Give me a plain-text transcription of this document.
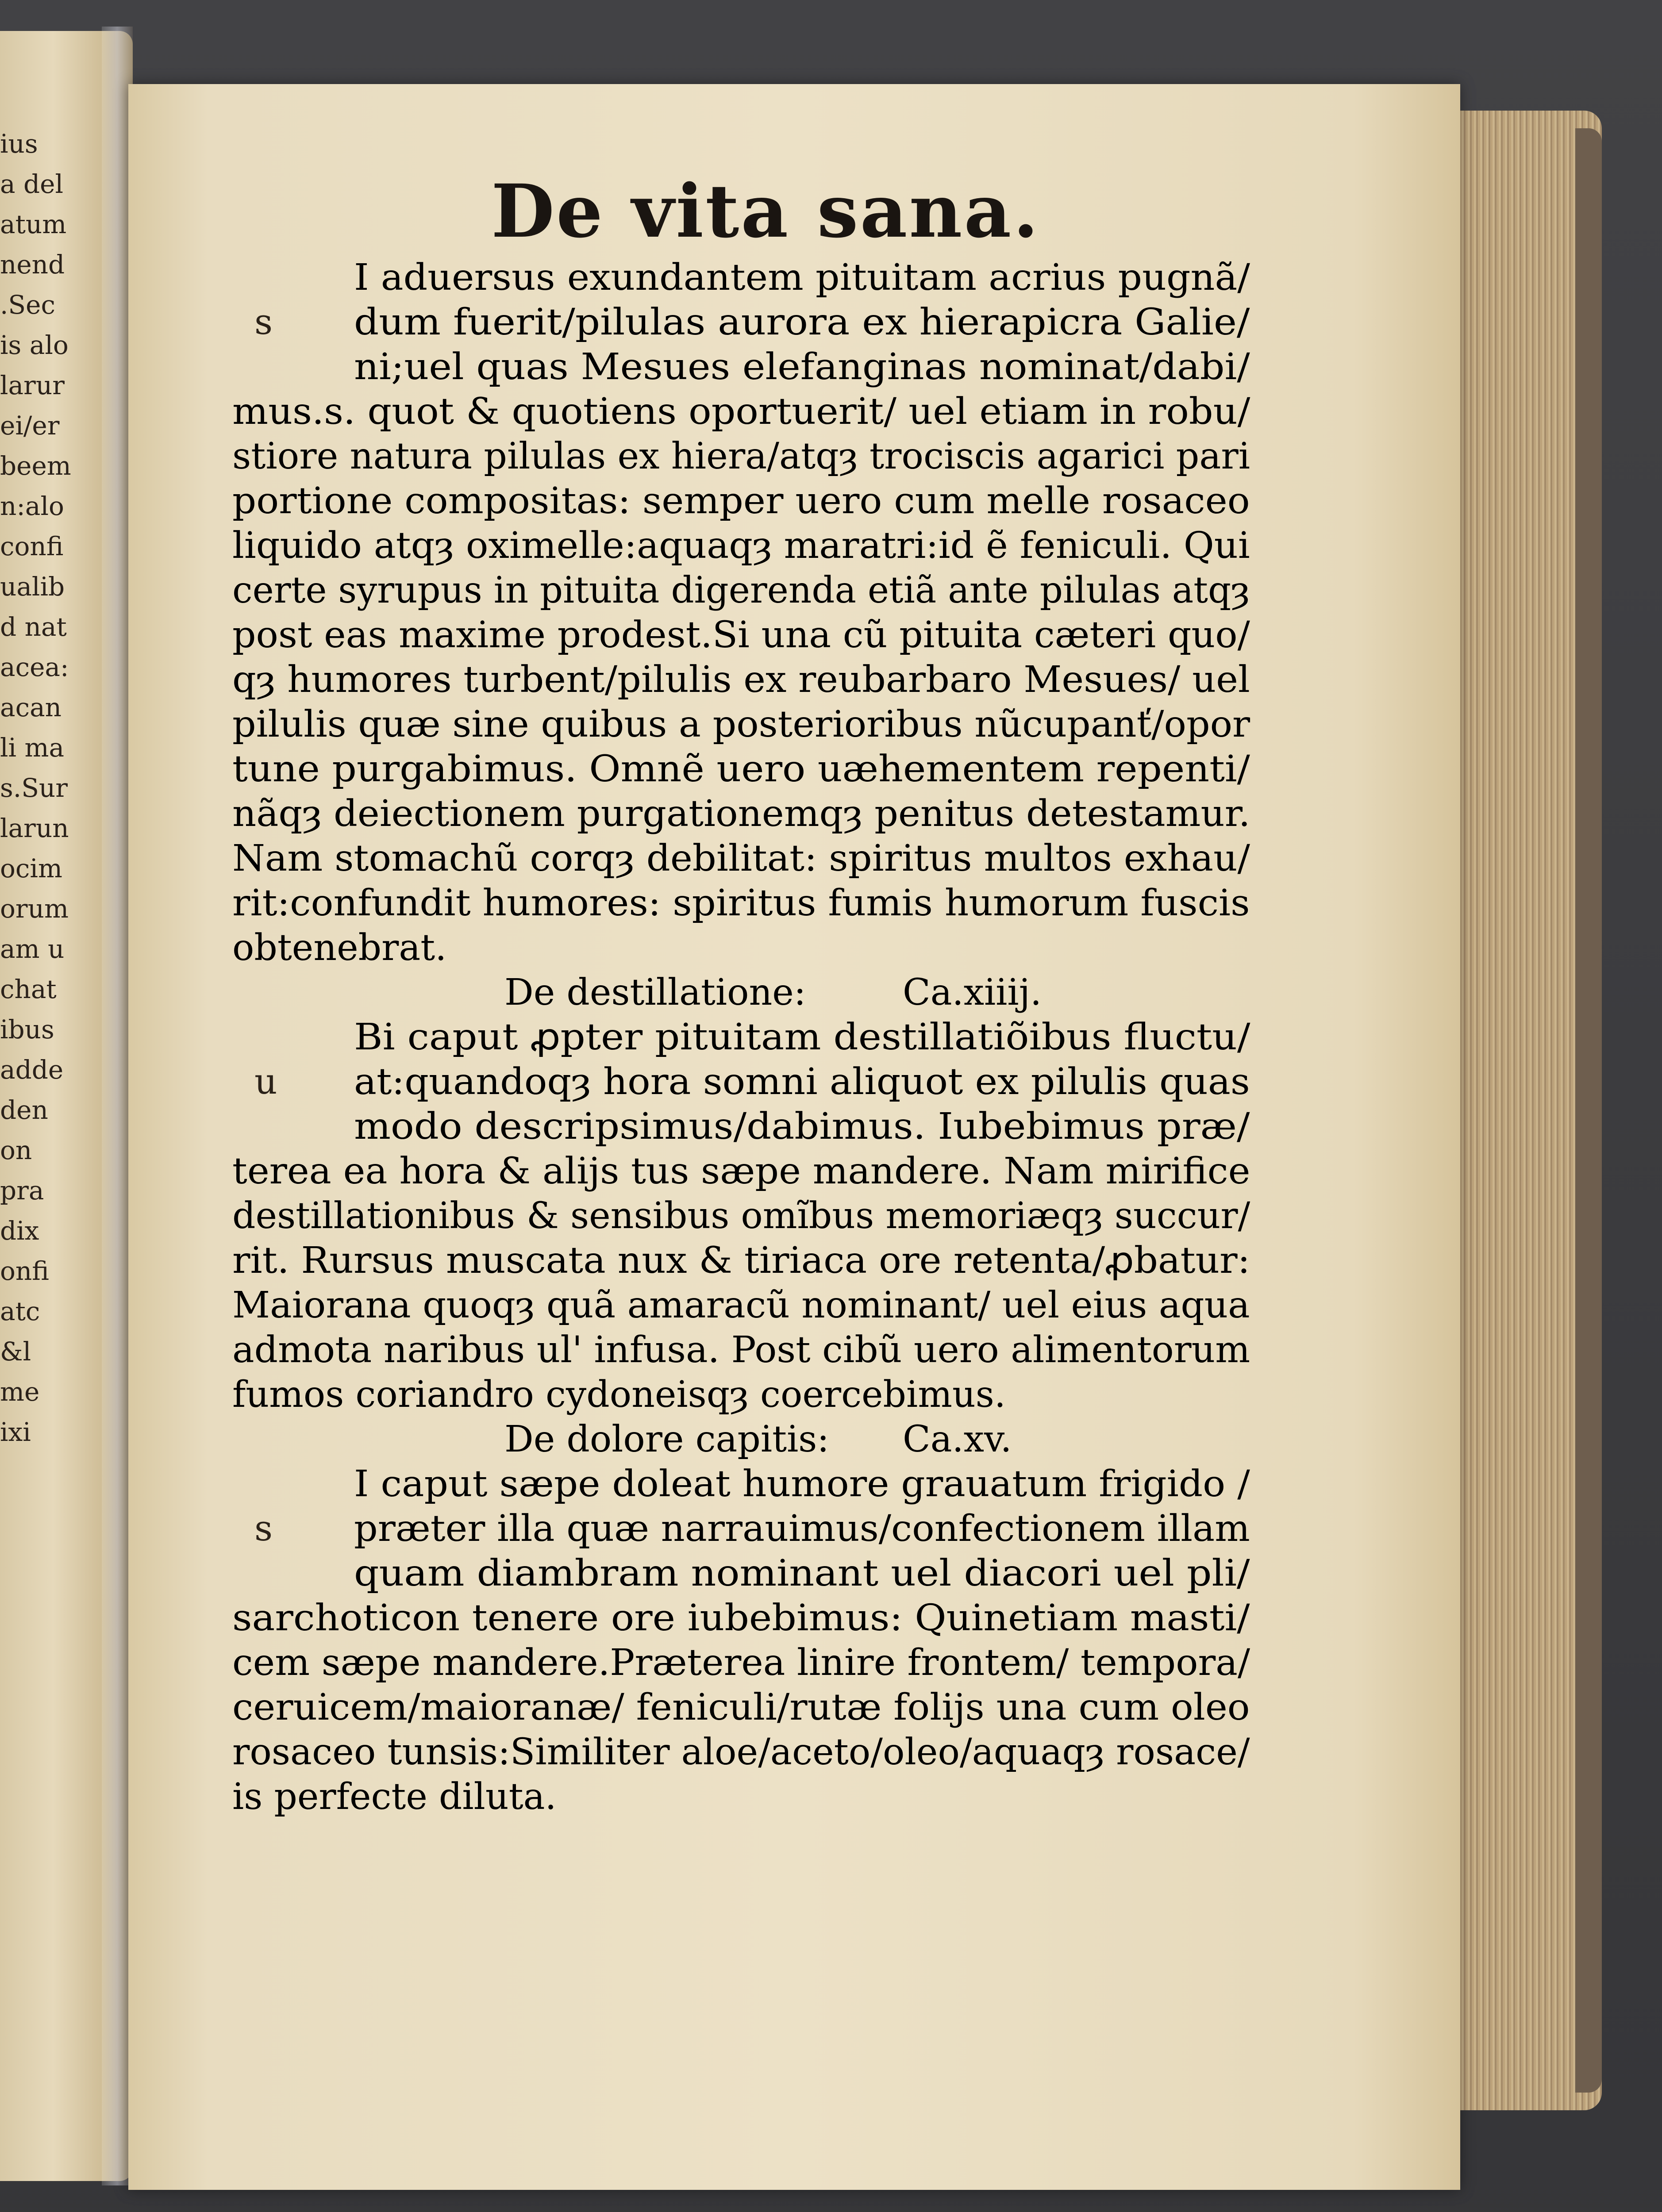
ius
a del
atum
nend
.Sec
is alo
larur
ei/er
beem
n:alo
confi
ualib
d nat
acea:
acan
li ma
s.Sur
larun
ocim
orum
am u
chat
ibus
adde
den
on
pra
dix
onfi
atc
&l
me
ixi
De vita sana.
I aduersus exundantem pituitam acrius pugnã/
dum fuerit/pilulas aurora ex hierapicra Galie/
s
ni;uel quas Mesues elefanginas nominat/dabi/
mus.s. quot & quotiens oportuerit/ uel etiam in robu/
stiore natura pilulas ex hiera/atqȝ trociscis agarici pari
portione compositas: semper uero cum melle rosaceo
liquido atqȝ oximelle:aquaqȝ maratri:id ẽ feniculi. Qui
certe syrupus in pituita digerenda etiã ante pilulas atqȝ
post eas maxime prodest.Si una cũ pituita cæteri quo/
qȝ humores turbent/pilulis ex reubarbaro Mesues/ uel
pilulis quæ sine quibus a posterioribus nũcupanť/opor
tune purgabimus. Omnẽ uero uæhementem repenti/
nãqȝ deiectionem purgationemqȝ penitus detestamur.
Nam stomachũ corqȝ debilitat: spiritus multos exhau/
rit:confundit humores: spiritus fumis humorum fuscis
obtenebrat.
De destillatione:	Ca.xiiij.
Bi caput ꝓpter pituitam destillatiõibus fluctu/
at:quandoqȝ hora somni aliquot ex pilulis quas
u
modo descripsimus/dabimus. Iubebimus præ/
terea ea hora & alijs tus sæpe mandere. Nam mirifice
destillationibus & sensibus omĩbus memoriæqȝ succur/
rit. Rursus muscata nux & tiriaca ore retenta/ꝓbatur:
Maiorana quoqȝ quã amaracũ nominant/ uel eius aqua
admota naribus ul' infusa. Post cibũ uero alimentorum
fumos coriandro cydoneisqȝ coercebimus.
De dolore capitis: Ca.xv.
I caput sæpe doleat humore grauatum frigido /
præter illa quæ narrauimus/confectionem illam
s
quam diambram nominant uel diacori uel pli/
sarchoticon tenere ore iubebimus: Quinetiam masti/
cem sæpe mandere.Præterea linire frontem/ tempora/
ceruicem/maioranæ/ feniculi/rutæ folijs una cum oleo
rosaceo tunsis:Similiter aloe/aceto/oleo/aquaqȝ rosace/
is perfecte diluta.
